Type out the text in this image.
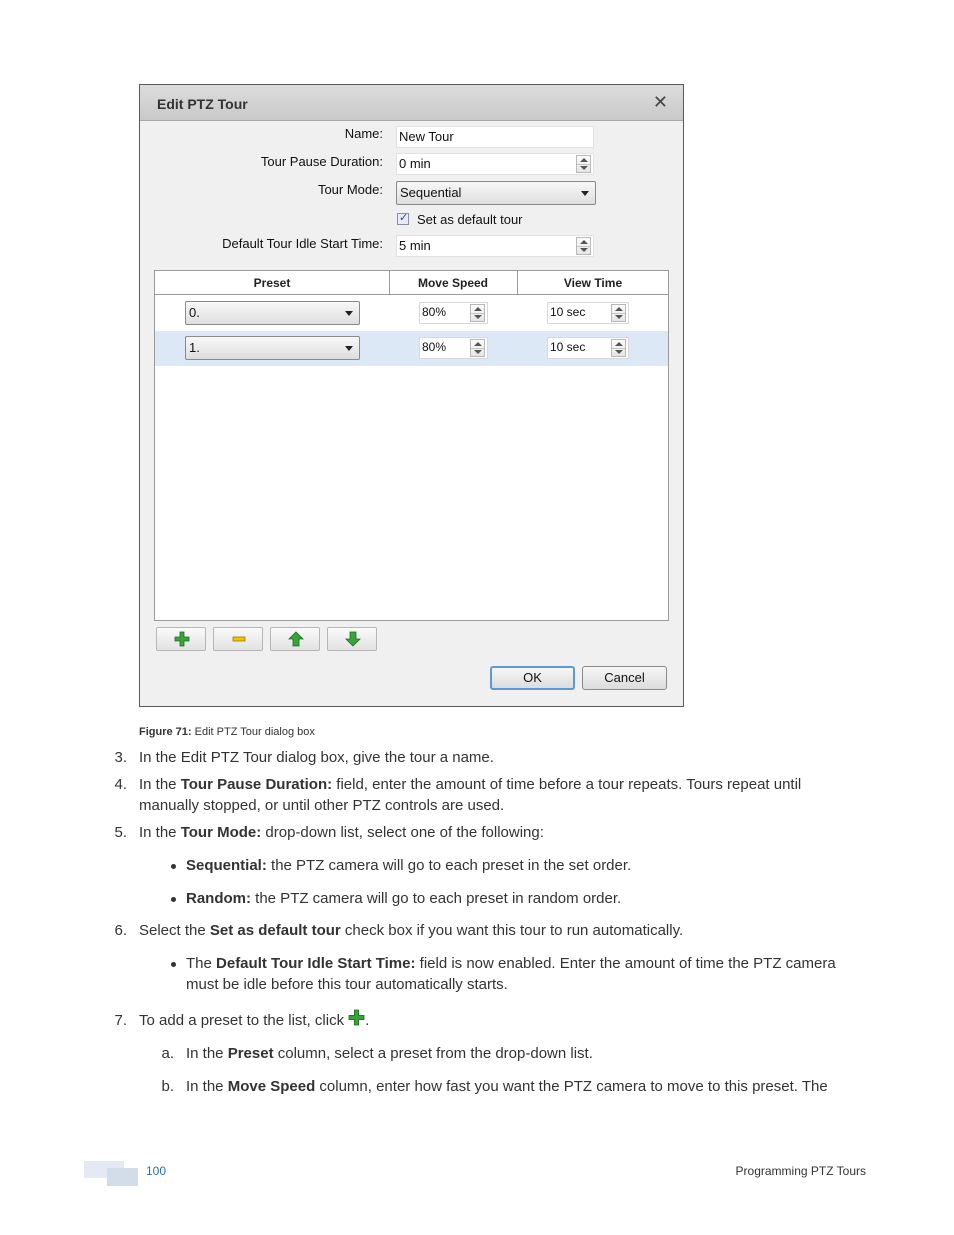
Edit PTZ Tour	✕
Name: New Tour
Tour Pause Duration: 0 min
Tour Mode:	Sequential
✓ Set as default tour
Default Tour Idle Start Time: 5 min
Preset	Move Speed	View Time
0.	80%	10 sec
1.	80%	10 sec
OK	Cancel
Figure 71: Edit PTZ Tour dialog box
3. In the Edit PTZ Tour dialog box, give the tour a name.
4. In the Tour Pause Duration: field, enter the amount of time before a tour repeats. Tours repeat until
manually stopped, or until other PTZ controls are used.
5. In the Tour Mode: drop-down list, select one of the following:
Sequential: the PTZ camera will go to each preset in the set order.
Random: the PTZ camera will go to each preset in random order.
6. Select the Set as default tour check box if you want this tour to run automatically.
The Default Tour Idle Start Time: field is now enabled. Enter the amount of time the PTZ camera
must be idle before this tour automatically starts.
7. To add a preset to the list, click .
a. In the Preset column, select a preset from the drop-down list.
b. In the Move Speed column, enter how fast you want the PTZ camera to move to this preset. The
100	Programming PTZ Tours
